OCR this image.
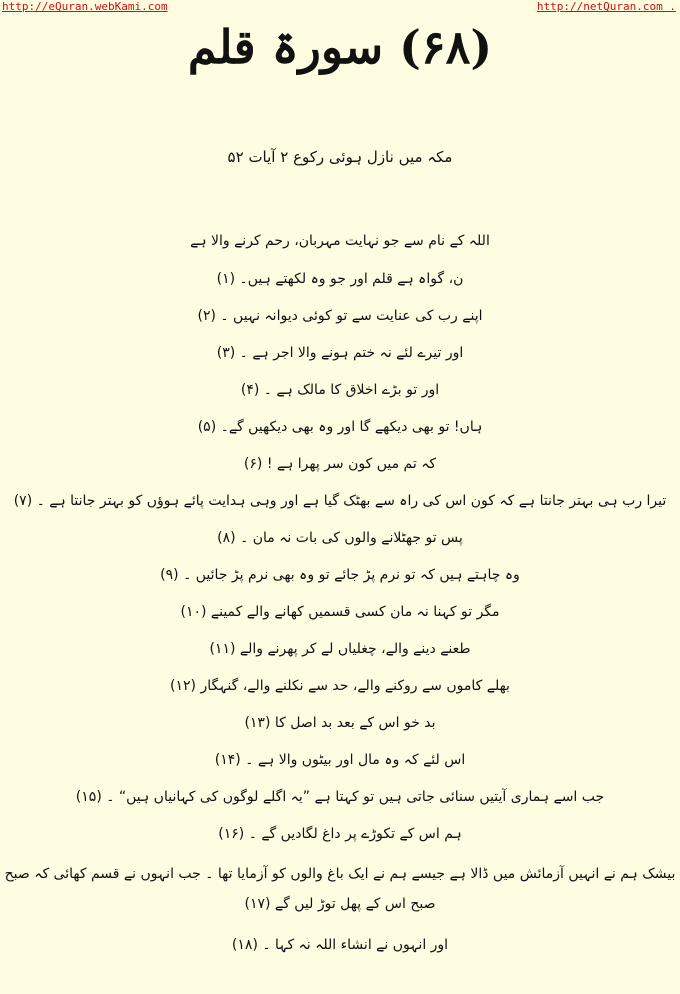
http://eQuran.webKami.com	http://netQuran.com .
(۶۸) سورۃ قلم
مکہ میں نازل ہوئی رکوع ۲ آیات ۵۲
اللہ کے نام سے جو نہایت مہربان، رحم کرنے والا ہے
ن، گواہ ہے قلم اور جو وہ لکھتے ہیں۔ (۱)
اپنے رب کی عنایت سے تو کوئی دیوانہ نہیں ۔ (۲)
اور تیرے لئے نہ ختم ہونے والا اجر ہے ۔ (۳)
اور تو بڑے اخلاق کا مالک ہے ۔ (۴)
ہاں! تو بھی دیکھے گا اور وہ بھی دیکھیں گے۔ (۵)
کہ تم میں کون سر پھرا ہے ! (۶)
تیرا رب ہی بہتر جانتا ہے کہ کون اس کی راہ سے بھٹک گیا ہے اور وہی ہدایت پائے ہوؤں کو بہتر جانتا ہے ۔ (۷)
پس تو جھٹلانے والوں کی بات نہ مان ۔ (۸)
وہ چاہتے ہیں کہ تو نرم پڑ جائے تو وہ بھی نرم پڑ جائیں ۔ (۹)
مگر تو کہنا نہ مان کسی قسمیں کھانے والے کمینے (۱۰)
طعنے دینے والے، چغلیاں لے کر پھرنے والے (۱۱)
بھلے کاموں سے روکنے والے، حد سے نکلنے والے، گنہگار (۱۲)
بد خو اس کے بعد بد اصل کا (۱۳)
اس لئے کہ وہ مال اور بیٹوں والا ہے ۔ (۱۴)
جب اسے ہماری آیتیں سنائی جاتی ہیں تو کہتا ہے ”یہ اگلے لوگوں کی کہانیاں ہیں“ ۔ (۱۵)
ہم اس کے تکوڑے پر داغ لگادیں گے ۔ (۱۶)
بیشک ہم نے انہیں آزمائش میں ڈالا ہے جیسے ہم نے ایک باغ والوں کو آزمایا تھا ۔ جب انہوں نے قسم کھائی کہ صبح صبح اس کے پھل توڑ لیں گے (۱۷)
اور انہوں نے انشاء اللہ نہ کہا ۔ (۱۸)
